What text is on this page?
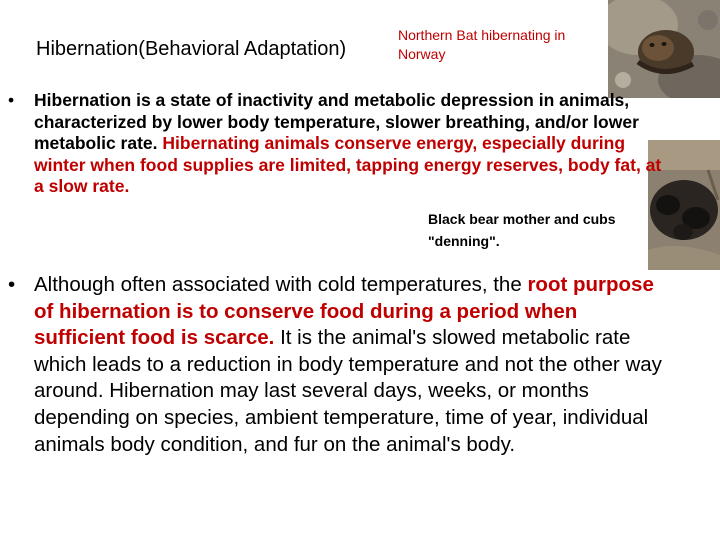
Hibernation(Behavioral Adaptation)
Northern Bat hibernating in Norway
• Hibernation is a state of inactivity and metabolic depression in animals, characterized by lower body temperature, slower breathing, and/or lower metabolic rate. Hibernating animals conserve energy, especially during winter when food supplies are limited, tapping energy reserves, body fat, at a slow rate.
Black bear mother and cubs
"denning".
• Although often associated with cold temperatures, the root purpose of hibernation is to conserve food during a period when sufficient food is scarce. It is the animal's slowed metabolic rate which leads to a reduction in body temperature and not the other way around. Hibernation may last several days, weeks, or months depending on species, ambient temperature, time of year, individual animals body condition, and fur on the animal's body.
